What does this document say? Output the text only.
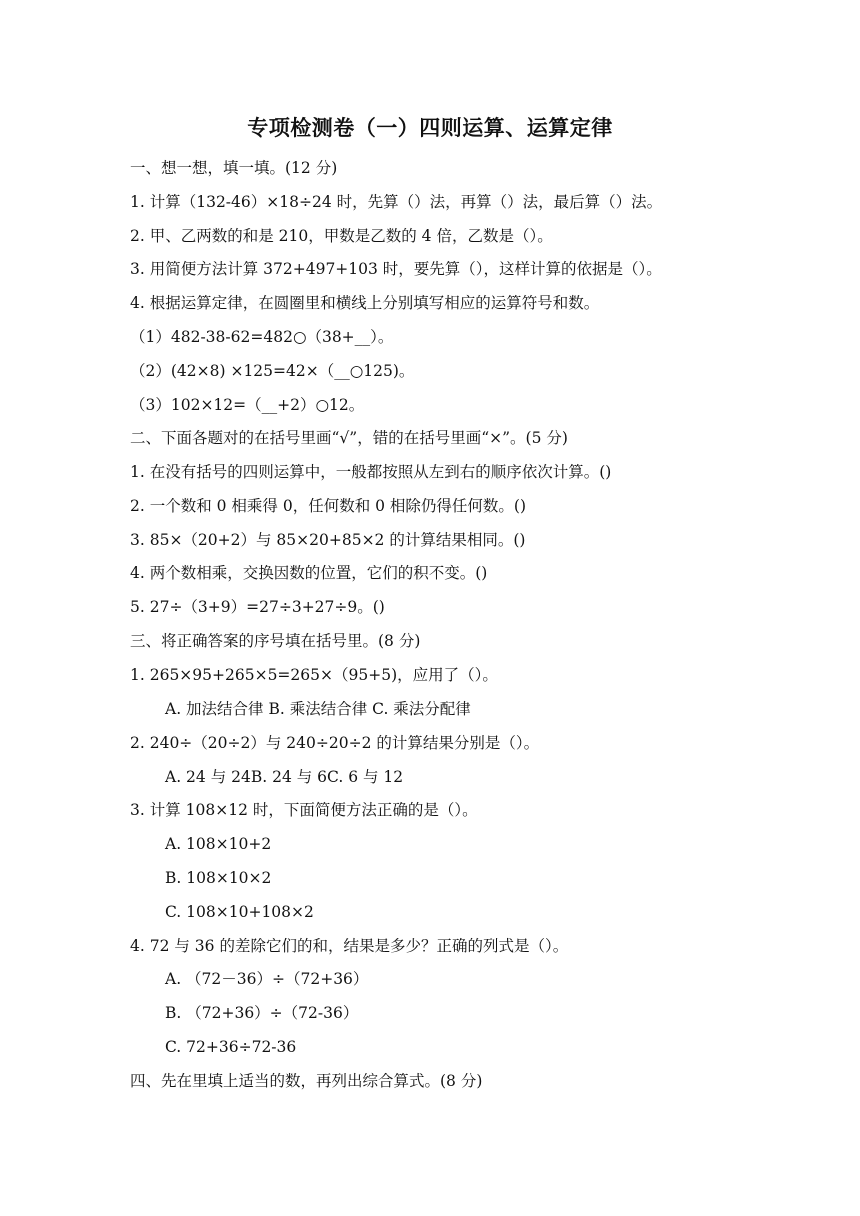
专项检测卷（一）四则运算、运算定律
一、想一想，填一填。(12 分)
1. 计算（132-46）×18÷24 时，先算（）法，再算（）法，最后算（）法。
2. 甲、乙两数的和是 210，甲数是乙数的 4 倍，乙数是（）。
3. 用简便方法计算 372+497+103 时，要先算（），这样计算的依据是（）。
4. 根据运算定律，在圆圈里和横线上分别填写相应的运算符号和数。
（1）482-38-62=482○（38+__）。
（2）(42×8) ×125=42×（__○125)。
（3）102×12=（__+2）○12。
二、下面各题对的在括号里画“√”，错的在括号里画“×”。(5 分)
1. 在没有括号的四则运算中，一般都按照从左到右的顺序依次计算。()
2. 一个数和 0 相乘得 0，任何数和 0 相除仍得任何数。()
3. 85×（20+2）与 85×20+85×2 的计算结果相同。()
4. 两个数相乘，交换因数的位置，它们的积不变。()
5. 27÷（3+9）=27÷3+27÷9。()
三、将正确答案的序号填在括号里。(8 分)
1. 265×95+265×5=265×（95+5)，应用了（）。
A. 加法结合律 B. 乘法结合律 C. 乘法分配律
2. 240÷（20÷2）与 240÷20÷2 的计算结果分别是（）。
A. 24 与 24B. 24 与 6C. 6 与 12
3. 计算 108×12 时，下面简便方法正确的是（）。
A. 108×10+2
B. 108×10×2
C. 108×10+108×2
4. 72 与 36 的差除它们的和，结果是多少？正确的列式是（）。
A. （72－36）÷（72+36）
B. （72+36）÷（72-36）
C. 72+36÷72-36
四、先在里填上适当的数，再列出综合算式。(8 分)
